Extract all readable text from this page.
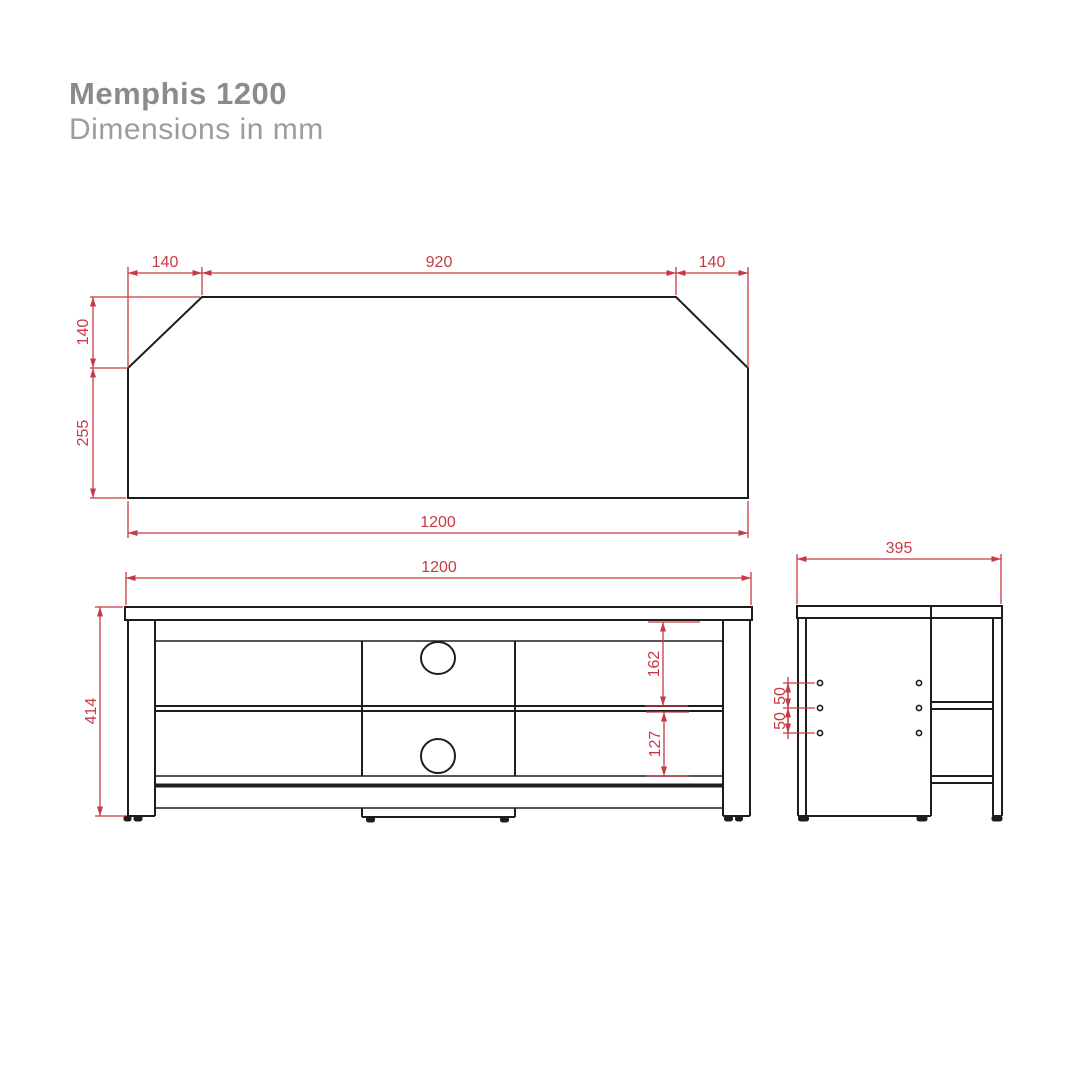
Memphis 1200
Dimensions in mm
140	920	140
140
255
1200
1200
414
162
127
395
50
50
